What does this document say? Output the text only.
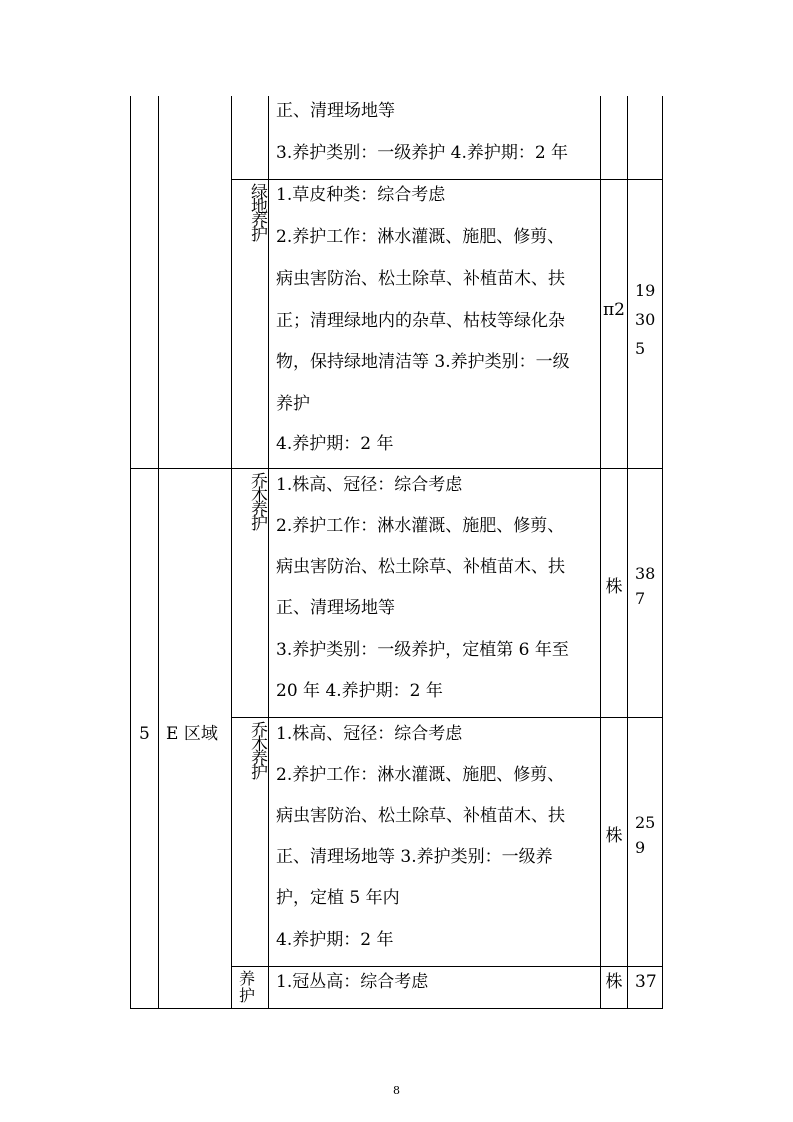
正、清理场地等
3.养护类别：一级养护 4.养护期：2 年
绿地养护
1.草皮种类：综合考虑
2.养护工作：淋水灌溉、施肥、修剪、
病虫害防治、松土除草、补植苗木、扶
正；清理绿地内的杂草、枯枝等绿化杂
物，保持绿地清洁等 3.养护类别：一级
养护
4.养护期：2 年
π2
19305
5 E 区域
乔木养护
1.株高、冠径：综合考虑
2.养护工作：淋水灌溉、施肥、修剪、
病虫害防治、松土除草、补植苗木、扶
正、清理场地等
3.养护类别：一级养护，定植第 6 年至
20 年 4.养护期：2 年
株
387
乔木养护
1.株高、冠径：综合考虑
2.养护工作：淋水灌溉、施肥、修剪、
病虫害防治、松土除草、补植苗木、扶
正、清理场地等 3.养护类别：一级养
护，定植 5 年内
4.养护期：2 年
株
259
养护
1.冠丛高：综合考虑	株 37
8
